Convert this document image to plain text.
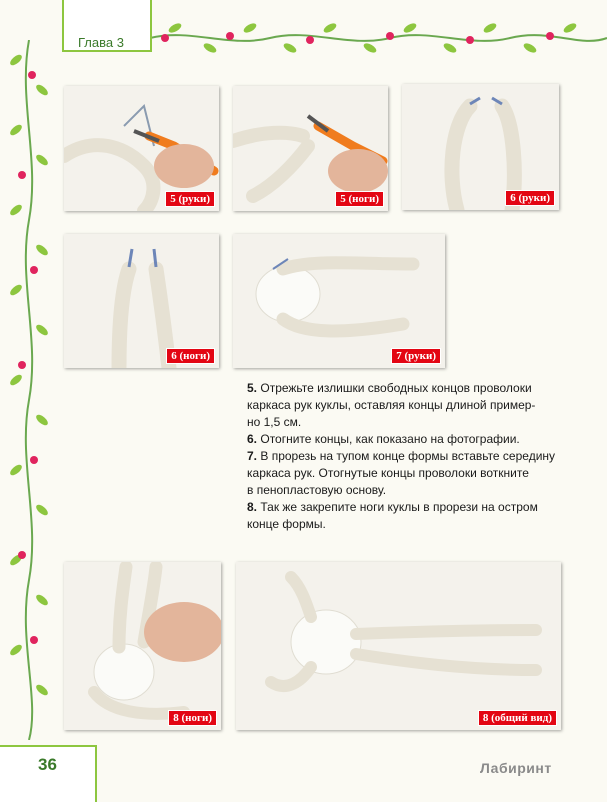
Глава 3
5 (руки)	5 (ноги)	6 (руки)
6 (ноги)	7 (руки)

5. Отрежьте излишки свободных концов проволоки
каркаса рук куклы, оставляя концы длиной пример-
но 1,5 см.

6. Отогните концы, как показано на фотографии.

7. В прорезь на тупом конце формы вставьте середину
каркаса рук. Отогнутые концы проволоки воткните
в пенопластовую основу.

8. Так же закрепите ноги куклы в прорези на остром
конце формы.

8 (ноги)	8 (общий вид)
36	Лабиринт
